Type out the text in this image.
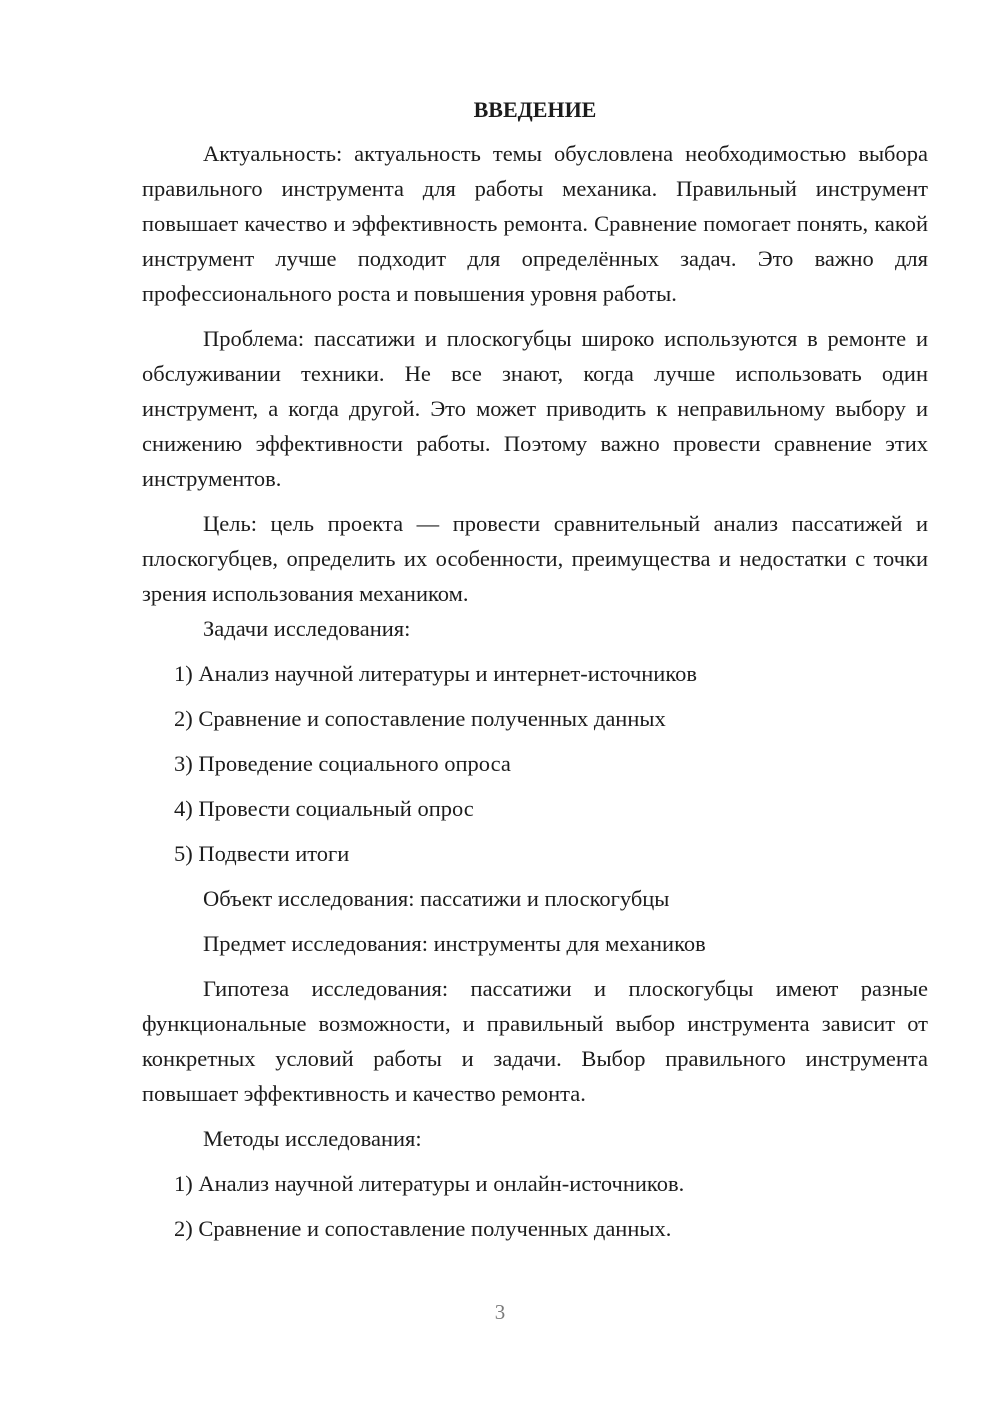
ВВЕДЕНИЕ

Актуальность: актуальность темы обусловлена необходимостью выбора правильного инструмента для работы механика. Правильный инструмент повышает качество и эффективность ремонта. Сравнение помогает понять, какой инструмент лучше подходит для определённых задач. Это важно для профессионального роста и повышения уровня работы.

Проблема: пассатижи и плоскогубцы широко используются в ремонте и обслуживании техники. Не все знают, когда лучше использовать один инструмент, а когда другой. Это может приводить к неправильному выбору и снижению эффективности работы. Поэтому важно провести сравнение этих инструментов.

Цель: цель проекта — провести сравнительный анализ пассатижей и плоскогубцев, определить их особенности, преимущества и недостатки с точки зрения использования механиком.

Задачи исследования:

1) Анализ научной литературы и интернет-источников

2) Сравнение и сопоставление полученных данных

3) Проведение социального опроса

4) Провести социальный опрос

5) Подвести итоги

Объект исследования: пассатижи и плоскогубцы

Предмет исследования: инструменты для механиков

Гипотеза исследования: пассатижи и плоскогубцы имеют разные функциональные возможности, и правильный выбор инструмента зависит от конкретных условий работы и задачи. Выбор правильного инструмента повышает эффективность и качество ремонта.

Методы исследования:

1) Анализ научной литературы и онлайн-источников.

2) Сравнение и сопоставление полученных данных.

3
